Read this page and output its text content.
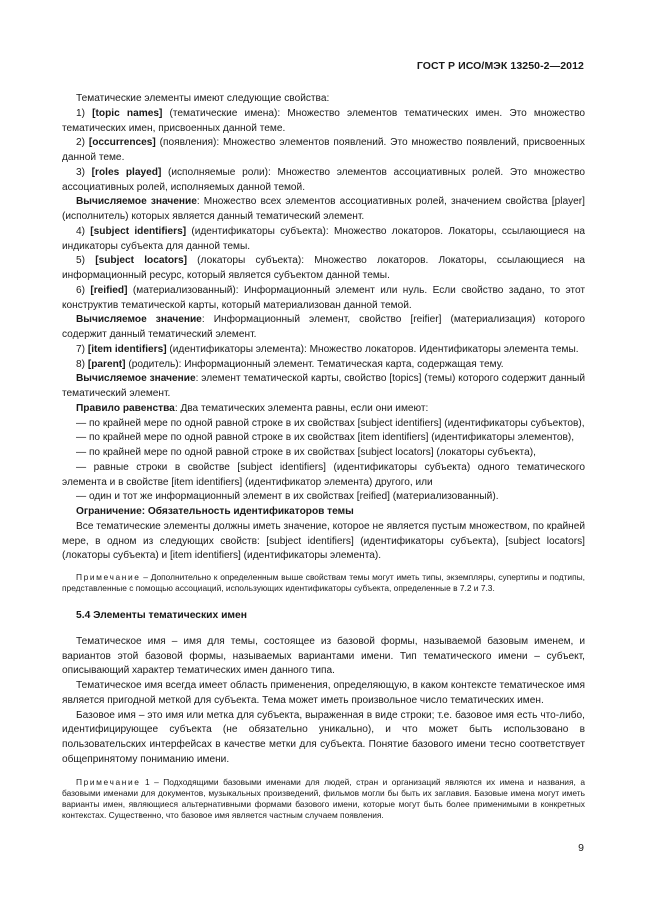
ГОСТ Р ИСО/МЭК 13250-2—2012

Тематические элементы имеют следующие свойства:

1) [topic names] (тематические имена): Множество элементов тематических имен. Это множество тематических имен, присвоенных данной теме.

2) [occurrences] (появления): Множество элементов появлений. Это множество появлений, присвоенных данной теме.

3) [roles played] (исполняемые роли): Множество элементов ассоциативных ролей. Это множество ассоциативных ролей, исполняемых данной темой.

Вычисляемое значение: Множество всех элементов ассоциативных ролей, значением свойства [player] (исполнитель) которых является данный тематический элемент.

4) [subject identifiers] (идентификаторы субъекта): Множество локаторов. Локаторы, ссылающиеся на индикаторы субъекта для данной темы.

5) [subject locators] (локаторы субъекта): Множество локаторов. Локаторы, ссылающиеся на информационный ресурс, который является субъектом данной темы.

6) [reified] (материализованный): Информационный элемент или нуль. Если свойство задано, то этот конструктив тематической карты, который материализован данной темой.

Вычисляемое значение: Информационный элемент, свойство [reifier] (материализация) которого содержит данный тематический элемент.

7) [item identifiers] (идентификаторы элемента): Множество локаторов. Идентификаторы элемента темы.

8) [parent] (родитель): Информационный элемент. Тематическая карта, содержащая тему.

Вычисляемое значение: элемент тематической карты, свойство [topics] (темы) которого содержит данный тематический элемент.

Правило равенства: Два тематических элемента равны, если они имеют:

— по крайней мере по одной равной строке в их свойствах [subject identifiers] (идентификаторы субъектов),

— по крайней мере по одной равной строке в их свойствах [item identifiers] (идентификаторы элементов),

— по крайней мере по одной равной строке в их свойствах [subject locators] (локаторы субъекта),

— равные строки в свойстве [subject identifiers] (идентификаторы субъекта) одного тематического элемента и в свойстве [item identifiers] (идентификатор элемента) другого, или

— один и тот же информационный элемент в их свойствах [reified] (материализованный).

Ограничение: Обязательность идентификаторов темы

Все тематические элементы должны иметь значение, которое не является пустым множеством, по крайней мере, в одном из следующих свойств: [subject identifiers] (идентификаторы субъекта), [subject locators] (локаторы субъекта) и [item identifiers] (идентификаторы элемента).

Примечание – Дополнительно к определенным выше свойствам темы могут иметь типы, экземпляры, супертипы и подтипы, представленные с помощью ассоциаций, использующих идентификаторы субъекта, определенные в 7.2 и 7.3.

5.4 Элементы тематических имен

Тематическое имя – имя для темы, состоящее из базовой формы, называемой базовым именем, и вариантов этой базовой формы, называемых вариантами имени. Тип тематического имени – субъект, описывающий характер тематических имен данного типа.

Тематическое имя всегда имеет область применения, определяющую, в каком контексте тематическое имя является пригодной меткой для субъекта. Тема может иметь произвольное число тематических имен.

Базовое имя – это имя или метка для субъекта, выраженная в виде строки; т.е. базовое имя есть что-либо, идентифицирующее субъекта (не обязательно уникально), и что может быть использовано в пользовательских интерфейсах в качестве метки для субъекта. Понятие базового имени тесно соответствует общепринятому пониманию имени.

Примечание 1 – Подходящими базовыми именами для людей, стран и организаций являются их имена и названия, а базовыми именами для документов, музыкальных произведений, фильмов могли бы быть их заглавия. Базовые имена могут иметь варианты имен, являющиеся альтернативными формами базового имени, которые могут быть более применимыми в конкретных контекстах. Существенно, что базовое имя является частным случаем появления.

9
